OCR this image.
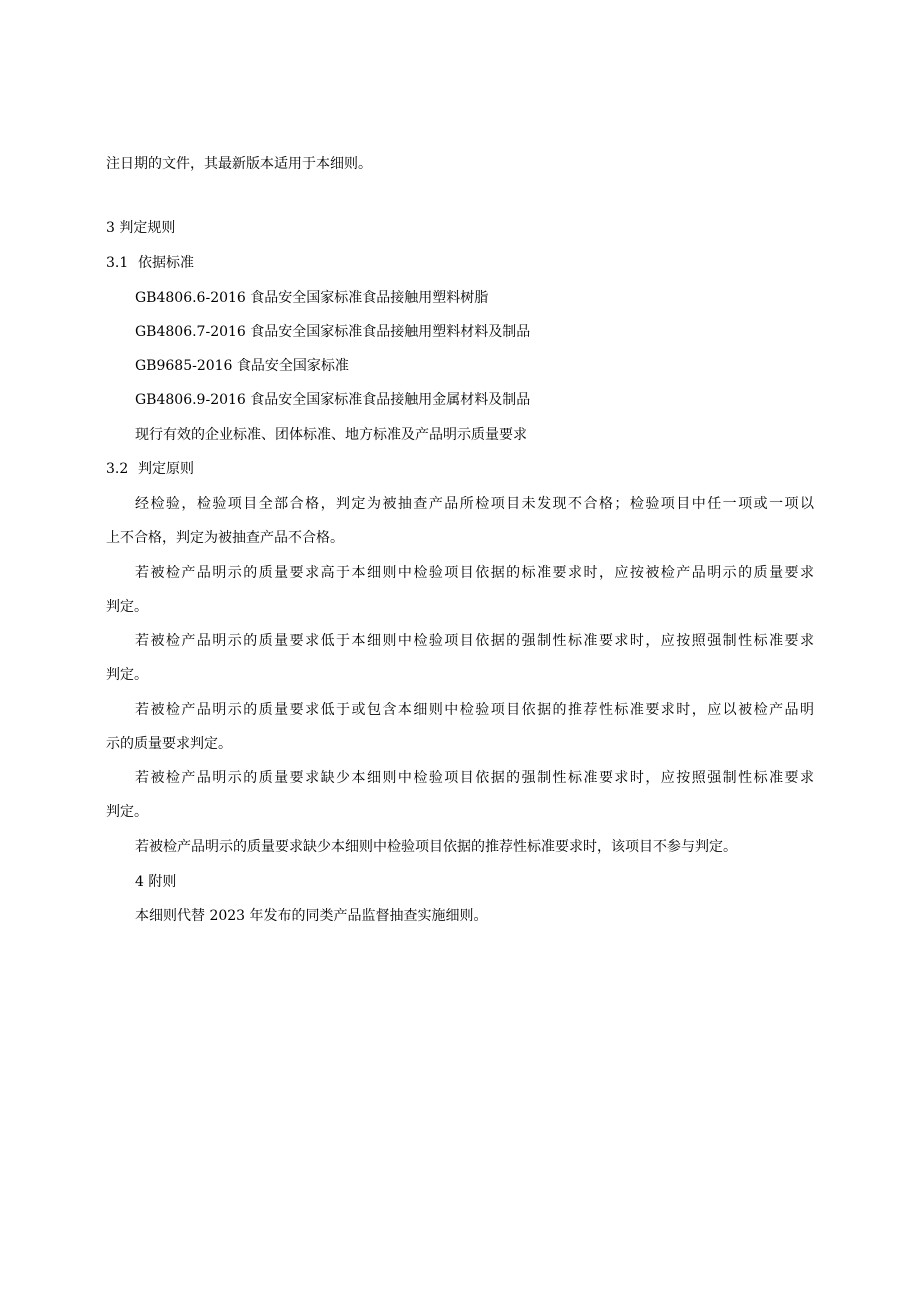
注日期的文件，其最新版本适用于本细则。
3 判定规则
3.1 依据标准
GB4806.6-2016 食品安全国家标准食品接触用塑料树脂
GB4806.7-2016 食品安全国家标准食品接触用塑料材料及制品
GB9685-2016 食品安全国家标准
GB4806.9-2016 食品安全国家标准食品接触用金属材料及制品
现行有效的企业标准、团体标准、地方标准及产品明示质量要求
3.2 判定原则
经检验，检验项目全部合格，判定为被抽查产品所检项目未发现不合格；检验项目中任一项或一项以
上不合格，判定为被抽查产品不合格。
若被检产品明示的质量要求高于本细则中检验项目依据的标准要求时，应按被检产品明示的质量要求
判定。
若被检产品明示的质量要求低于本细则中检验项目依据的强制性标准要求时，应按照强制性标准要求
判定。
若被检产品明示的质量要求低于或包含本细则中检验项目依据的推荐性标准要求时，应以被检产品明
示的质量要求判定。
若被检产品明示的质量要求缺少本细则中检验项目依据的强制性标准要求时，应按照强制性标准要求
判定。
若被检产品明示的质量要求缺少本细则中检验项目依据的推荐性标准要求时，该项目不参与判定。
4 附则
本细则代替 2023 年发布的同类产品监督抽查实施细则。
